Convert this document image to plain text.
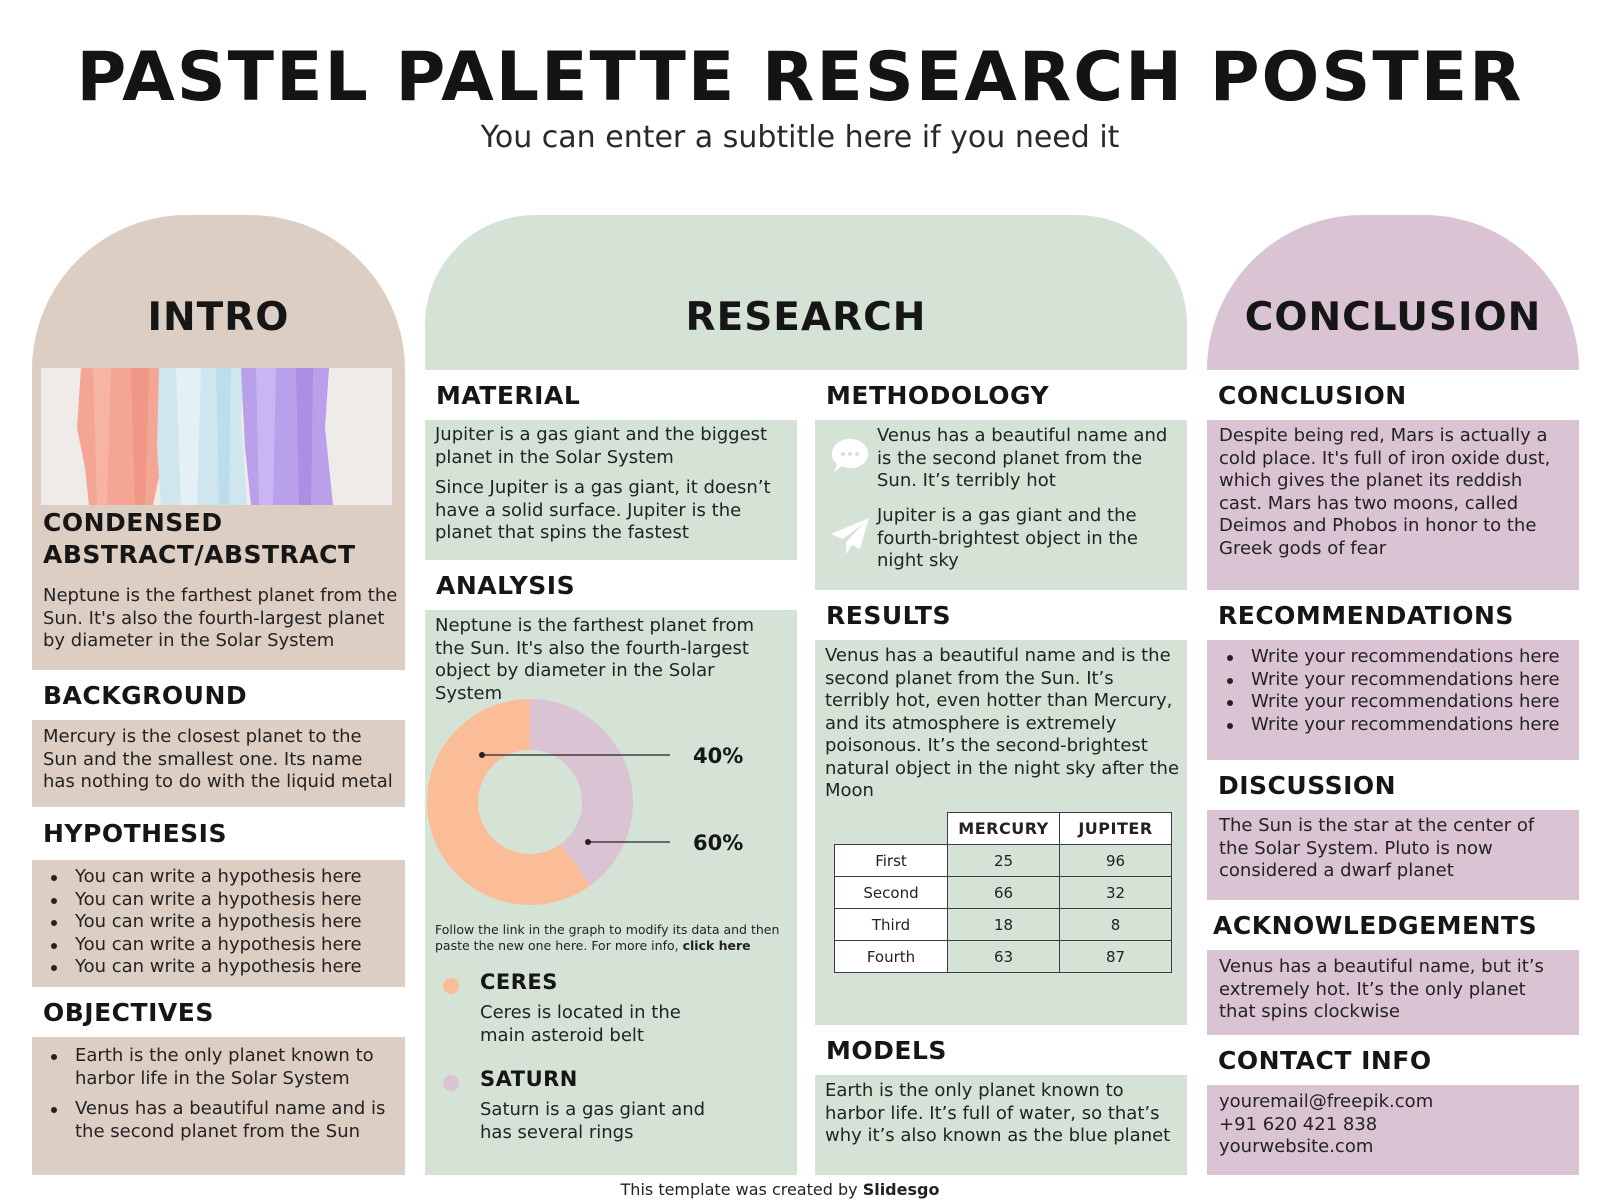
PASTEL PALETTE RESEARCH POSTER
You can enter a subtitle here if you need it
INTRO
CONDENSED ABSTRACT/ABSTRACT
Neptune is the farthest planet from the Sun. It's also the fourth-largest planet by diameter in the Solar System
BACKGROUND
Mercury is the closest planet to the Sun and the smallest one. Its name has nothing to do with the liquid metal
HYPOTHESIS
You can write a hypothesis here
You can write a hypothesis here
You can write a hypothesis here
You can write a hypothesis here
You can write a hypothesis here
OBJECTIVES
Earth is the only planet known to harbor life in the Solar System
Venus has a beautiful name and is the second planet from the Sun
RESEARCH
MATERIAL

Jupiter is a gas giant and the biggest planet in the Solar System

Since Jupiter is a gas giant, it doesn’t have a solid surface. Jupiter is the planet that spins the fastest

ANALYSIS
Neptune is the farthest planet from the Sun. It's also the fourth-largest object by diameter in the Solar System
40%
60%
Follow the link in the graph to modify its data and then paste the new one here. For more info, click here
CERES
Ceres is located in the main asteroid belt
SATURN
Saturn is a gas giant and has several rings
METHODOLOGY
Venus has a beautiful name and is the second planet from the Sun. It’s terribly hot
Jupiter is a gas giant and the fourth-brightest object in the night sky
RESULTS
Venus has a beautiful name and is the second planet from the Sun. It’s terribly hot, even hotter than Mercury, and its atmosphere is extremely poisonous. It’s the second-brightest natural object in the night sky after the Moon
	MERCURY	JUPITER
First	25	96
Second	66	32
Third	18	8
Fourth	63	87
MODELS
Earth is the only planet known to harbor life. It’s full of water, so that’s why it’s also known as the blue planet
CONCLUSION
CONCLUSION
Despite being red, Mars is actually a cold place. It's full of iron oxide dust, which gives the planet its reddish cast. Mars has two moons, called Deimos and Phobos in honor to the Greek gods of fear
RECOMMENDATIONS
Write your recommendations here
Write your recommendations here
Write your recommendations here
Write your recommendations here
DISCUSSION
The Sun is the star at the center of the Solar System. Pluto is now considered a dwarf planet
ACKNOWLEDGEMENTS
Venus has a beautiful name, but it’s extremely hot. It’s the only planet that spins clockwise
CONTACT INFO
youremail@freepik.com
+91 620 421 838
yourwebsite.com
This template was created by Slidesgo
